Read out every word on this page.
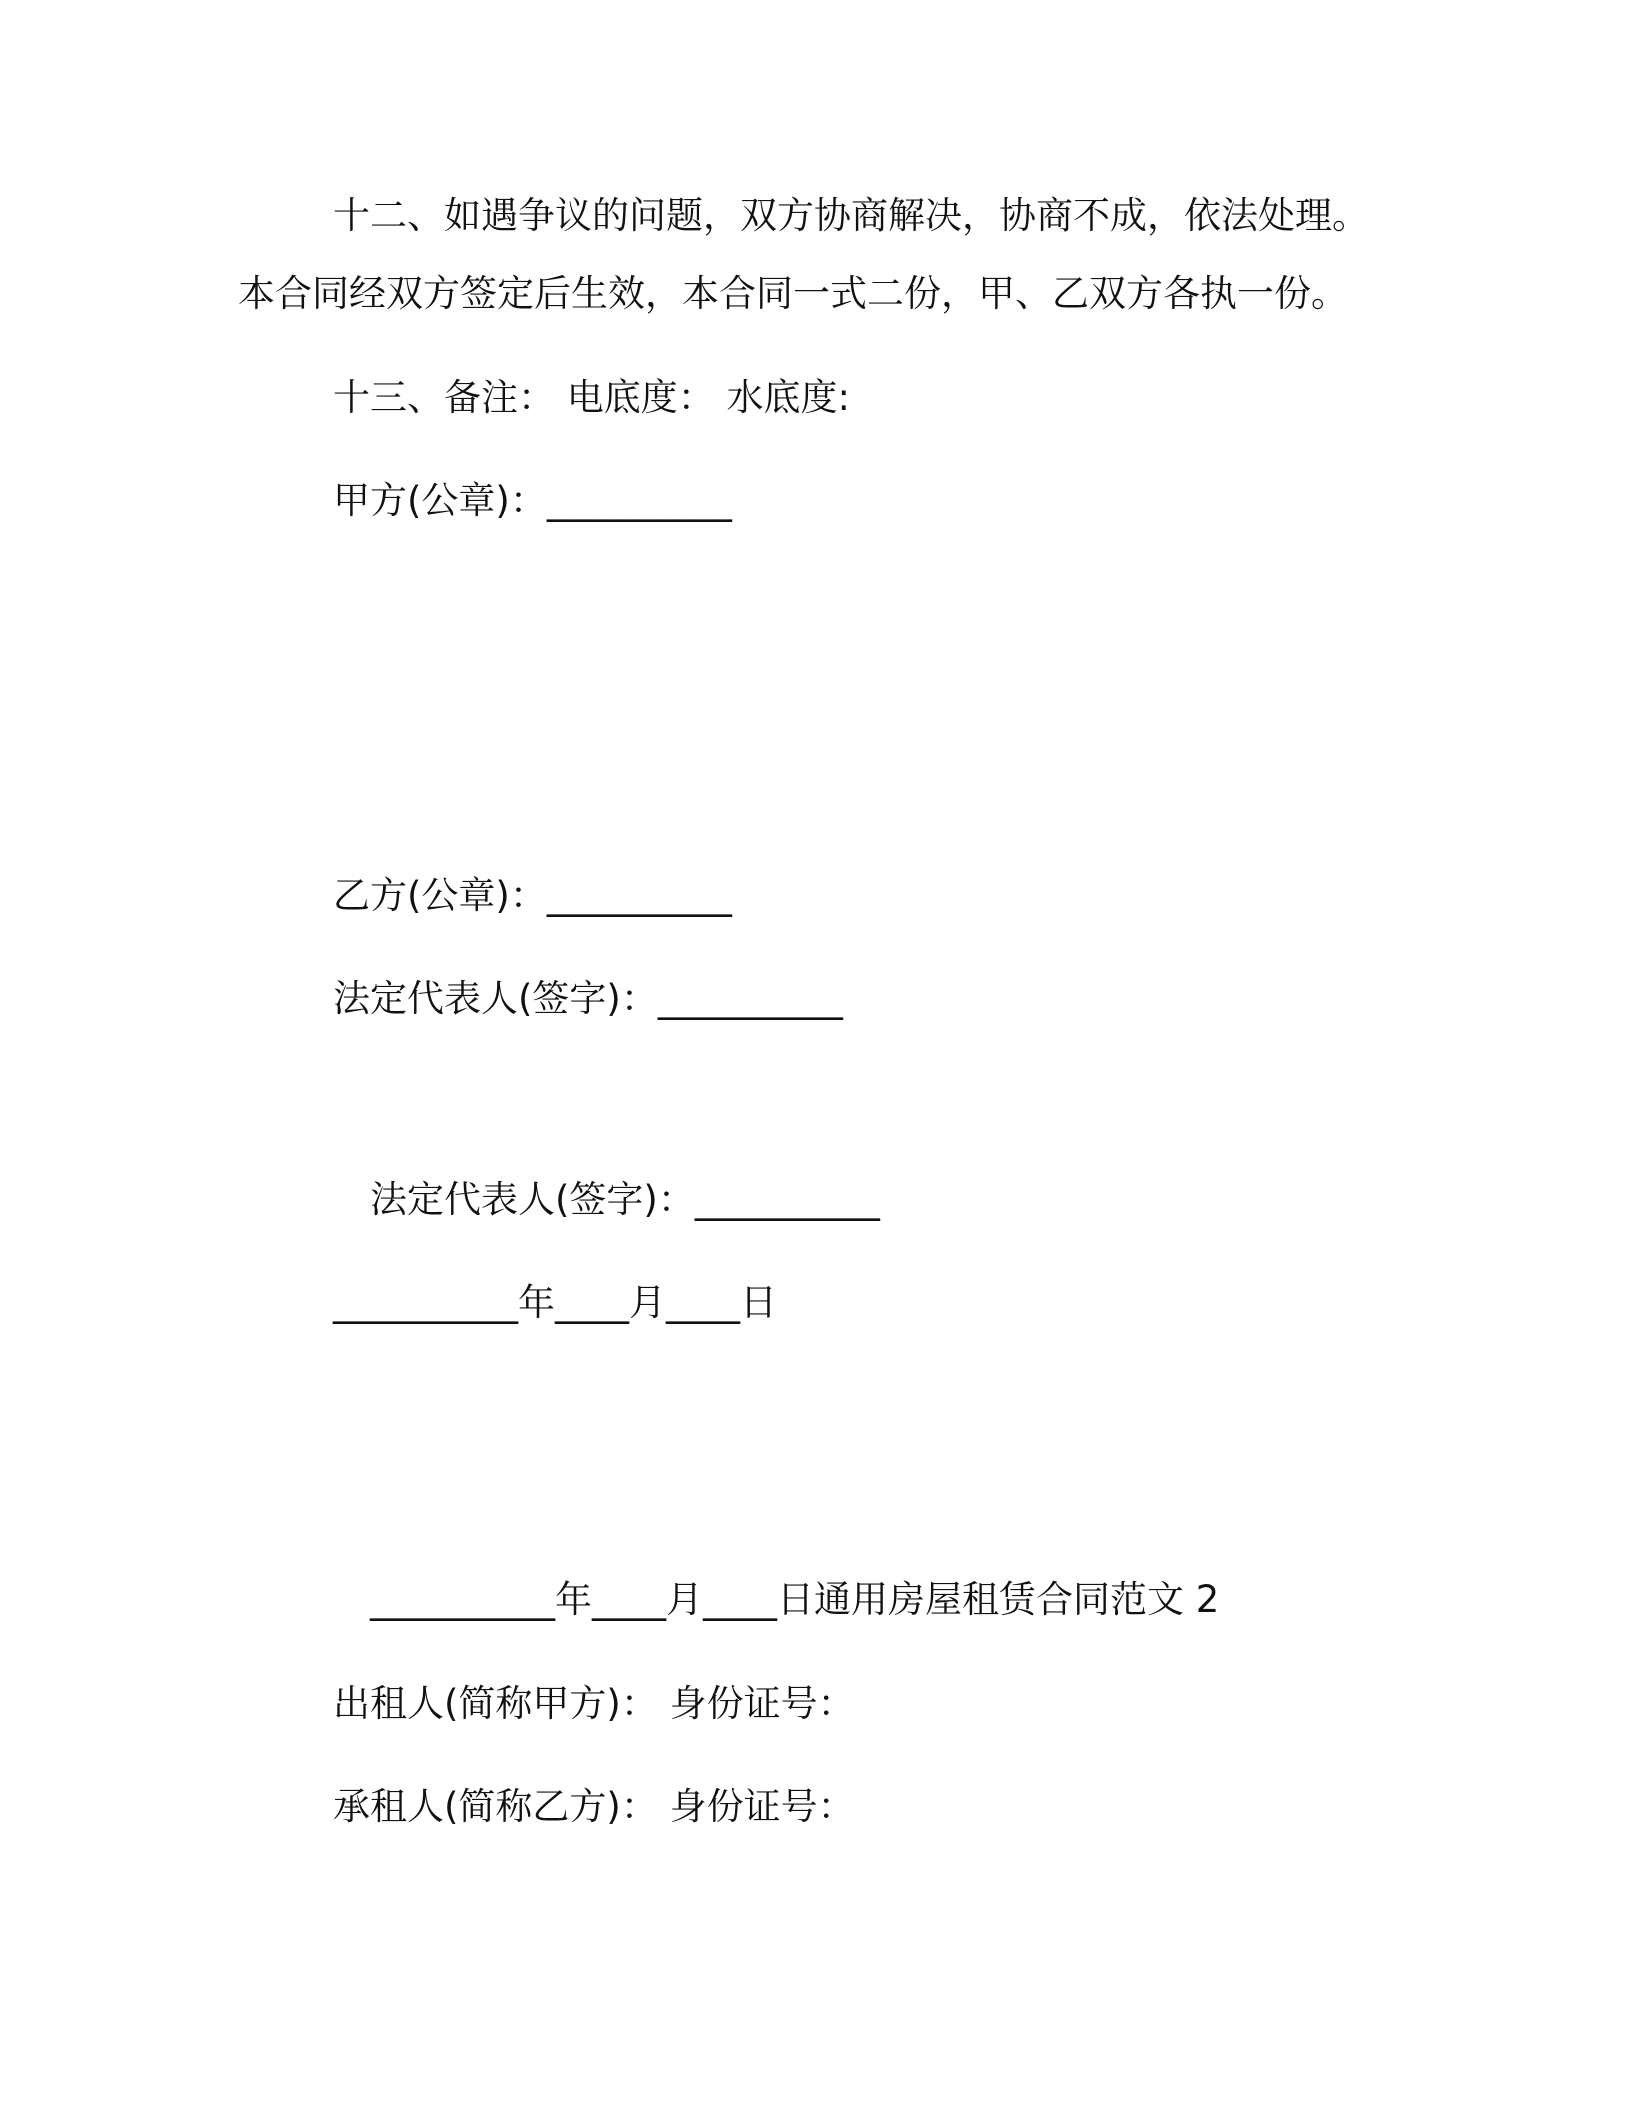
十二、如遇争议的问题，双方协商解决，协商不成，依法处理。
本合同经双方签定后生效，本合同一式二份，甲、乙双方各执一份。
十三、备注： 电底度： 水底度:
甲方(公章)：__________
乙方(公章)：__________
法定代表人(签字)：__________
法定代表人(签字)：__________
__________年____月____日
__________年____月____日通用房屋租赁合同范文 2
出租人(简称甲方)： 身份证号：
承租人(简称乙方)： 身份证号：
